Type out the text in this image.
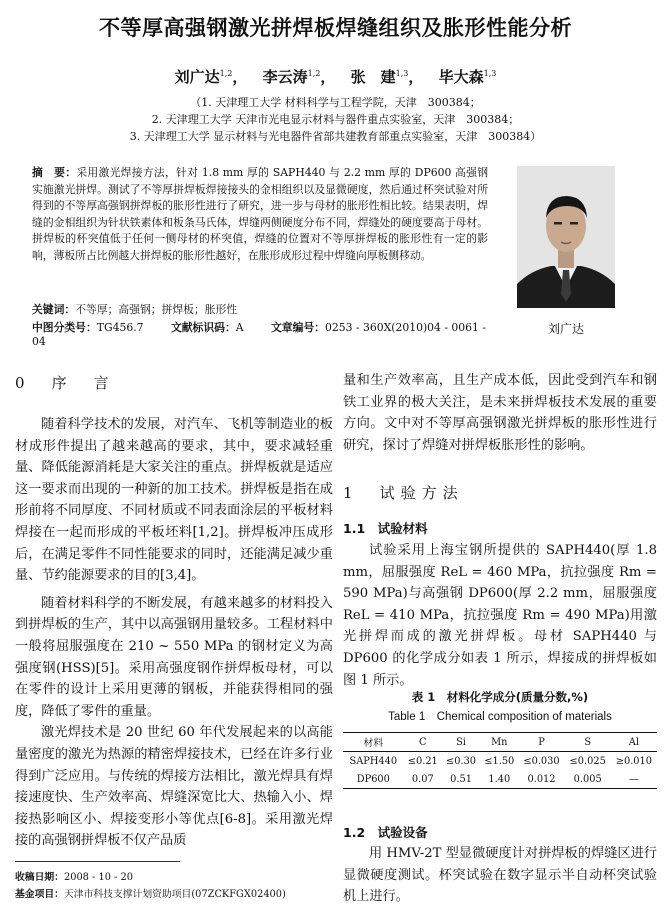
不等厚高强钢激光拼焊板焊缝组织及胀形性能分析
刘广达$^{1,2}$， 李云涛$^{1,2}$， 张　建$^{1,3}$， 毕大森$^{1,3}$
（1. 天津理工大学 材料科学与工程学院，天津　300384；
2. 天津理工大学 天津市光电显示材料与器件重点实验室，天津　300384；
3. 天津理工大学 显示材料与光电器件省部共建教育部重点实验室，天津　300384）
摘　要：采用激光焊接方法，针对 1.8 mm 厚的 SAPH440 与 2.2 mm 厚的 DP600 高强钢实施激光拼焊。测试了不等厚拼焊板焊接接头的金相组织以及显微硬度，然后通过杯突试验对所得到的不等厚高强钢拼焊板的胀形性进行了研究，进一步与母材的胀形性相比较。结果表明，焊缝的金相组织为针状铁素体和板条马氏体，焊缝两侧硬度分布不同，焊缝处的硬度要高于母材。拼焊板的杯突值低于任何一侧母材的杯突值，焊缝的位置对不等厚拼焊板的胀形性有一定的影响，薄板所占比例越大拼焊板的胀形性越好，在胀形成形过程中焊缝向厚板侧移动。
关键词：不等厚；高强钢；拼焊板；胀形性
中图分类号：TG456.7	文献标识码：A	文章编号：0253 - 360X(2010)04 - 0061 - 04
刘广达
0　 序　言

随着科学技术的发展，对汽车、飞机等制造业的板材成形件提出了越来越高的要求，其中，要求减轻重量、降低能源消耗是大家关注的重点。拼焊板就是适应这一要求而出现的一种新的加工技术。拼焊板是指在成形前将不同厚度、不同材质或不同表面涂层的平板材料焊接在一起而形成的平板坯料[1,2]。拼焊板冲压成形后，在满足零件不同性能要求的同时，还能满足减少重量、节约能源要求的目的[3,4]。

随着材料科学的不断发展，有越来越多的材料投入到拼焊板的生产，其中以高强钢用量较多。工程材料中一般将屈服强度在 210 ~ 550 MPa 的钢材定义为高强度钢(HSS)[5]。采用高强度钢作拼焊板母材，可以在零件的设计上采用更薄的钢板，并能获得相同的强度，降低了零件的重量。

激光焊技术是 20 世纪 60 年代发展起来的以高能量密度的激光为热源的精密焊接技术，已经在许多行业得到广泛应用。与传统的焊接方法相比，激光焊具有焊接速度快、生产效率高、焊缝深宽比大、热输入小、焊接热影响区小、焊接变形小等优点[6-8]。采用激光焊接的高强钢拼焊板不仅产品质

收稿日期：2008 - 10 - 20
基金项目：天津市科技支撑计划资助项目(07ZCKFGX02400)

量和生产效率高，且生产成本低，因此受到汽车和钢铁工业界的极大关注，是未来拼焊板技术发展的重要方向。文中对不等厚高强钢激光拼焊板的胀形性进行研究，探讨了焊缝对拼焊板胀形性的影响。

1　 试验方法
1.1　试验材料

试验采用上海宝钢所提供的 SAPH440(厚 1.8 mm，屈服强度 ReL = 460 MPa，抗拉强度 Rm = 590 MPa)与高强钢 DP600(厚 2.2 mm，屈服强度 ReL = 410 MPa，抗拉强度 Rm = 490 MPa)用激光拼焊而成的激光拼焊板。母材 SAPH440 与 DP600 的化学成分如表 1 所示，焊接成的拼焊板如图 1 所示。

表 1　材料化学成分(质量分数,%)
Table 1　Chemical composition of materials
材料	C	Si	Mn	P	S	Al
SAPH440	≤0.21	≤0.30	≤1.50	≤0.030	≤0.025	≥0.010
DP600	0.07	0.51	1.40	0.012	0.005	—
1.2　试验设备

用 HMV-2T 型显微硬度计对拼焊板的焊缝区进行显微硬度测试。杯突试验在数字显示半自动杯突试验机上进行。
